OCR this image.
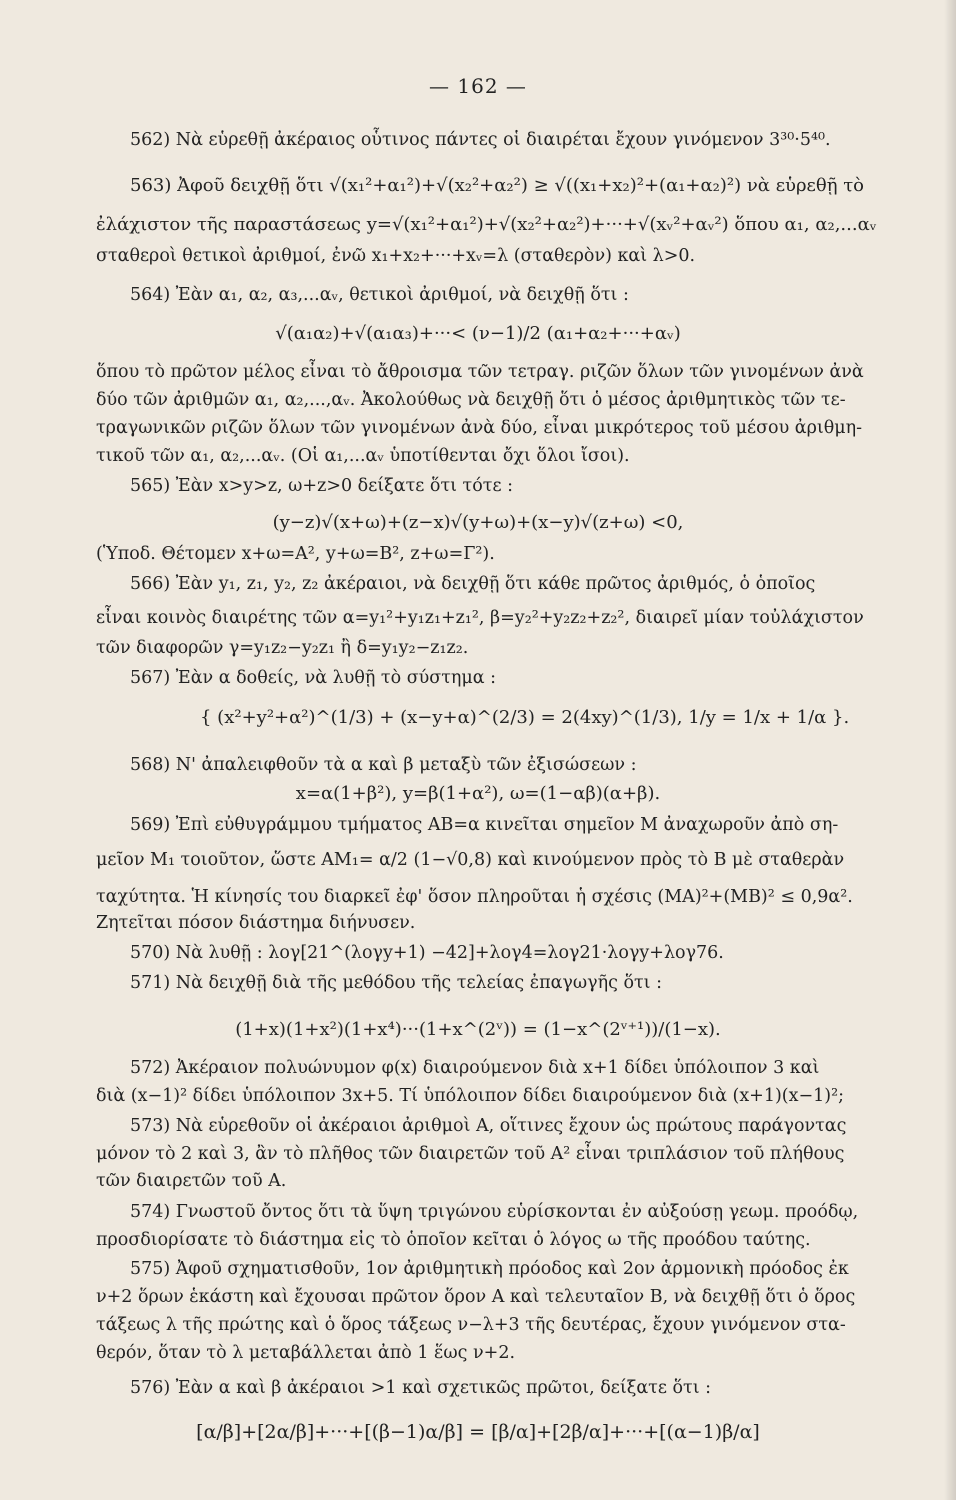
— 162 —
562) Νὰ εὑρεθῇ ἀκέραιος οὗτινος πάντες οἱ διαιρέται ἔχουν γινόμενον 3³⁰·5⁴⁰.
563) Ἀφοῦ δειχθῇ ὅτι √(x₁²+α₁²)+√(x₂²+α₂²) ≥ √((x₁+x₂)²+(α₁+α₂)²) νὰ εὑρεθῇ τὸ
ἐλάχιστον τῆς παραστάσεως y=√(x₁²+α₁²)+√(x₂²+α₂²)+···+√(xᵥ²+αᵥ²) ὅπου α₁, α₂,...αᵥ
σταθεροὶ θετικοὶ ἀριθμοί, ἐνῶ x₁+x₂+···+xᵥ=λ (σταθερὸν) καὶ λ>0.
564) Ἐὰν α₁, α₂, α₃,...αᵥ, θετικοὶ ἀριθμοί, νὰ δειχθῇ ὅτι :
√(α₁α₂)+√(α₁α₃)+···< (ν−1)/2 (α₁+α₂+···+αᵥ)
ὅπου τὸ πρῶτον μέλος εἶναι τὸ ἄθροισμα τῶν τετραγ. ριζῶν ὅλων τῶν γινομένων ἀνὰ
δύο τῶν ἀριθμῶν α₁, α₂,...,αᵥ. Ἀκολούθως νὰ δειχθῇ ὅτι ὁ μέσος ἀριθμητικὸς τῶν τε-
τραγωνικῶν ριζῶν ὅλων τῶν γινομένων ἀνὰ δύο, εἶναι μικρότερος τοῦ μέσου ἀριθμη-
τικοῦ τῶν α₁, α₂,...αᵥ. (Οἱ α₁,...αᵥ ὑποτίθενται ὄχι ὅλοι ἴσοι).
565) Ἐὰν x>y>z, ω+z>0 δείξατε ὅτι τότε :
(y−z)√(x+ω)+(z−x)√(y+ω)+(x−y)√(z+ω) <0,
(Ὑποδ. Θέτομεν x+ω=A², y+ω=B², z+ω=Γ²).
566) Ἐὰν y₁, z₁, y₂, z₂ ἀκέραιοι, νὰ δειχθῇ ὅτι κάθε πρῶτος ἀριθμός, ὁ ὁποῖος
εἶναι κοινὸς διαιρέτης τῶν α=y₁²+y₁z₁+z₁², β=y₂²+y₂z₂+z₂², διαιρεῖ μίαν τοὐλάχιστον
τῶν διαφορῶν γ=y₁z₂−y₂z₁ ἢ δ=y₁y₂−z₁z₂.
567) Ἐὰν α δοθείς, νὰ λυθῇ τὸ σύστημα :
{ (x²+y²+α²)^(1/3) + (x−y+α)^(2/3) = 2(4xy)^(1/3), 1/y = 1/x + 1/α }.
568) Ν' ἀπαλειφθοῦν τὰ α καὶ β μεταξὺ τῶν ἐξισώσεων :
x=α(1+β²), y=β(1+α²), ω=(1−αβ)(α+β).
569) Ἐπὶ εὐθυγράμμου τμήματος ΑΒ=α κινεῖται σημεῖον Μ ἀναχωροῦν ἀπὸ ση-
μεῖον Μ₁ τοιοῦτον, ὥστε ΑΜ₁= α/2 (1−√0,8) καὶ κινούμενον πρὸς τὸ Β μὲ σταθερὰν
ταχύτητα. Ἡ κίνησίς του διαρκεῖ ἐφ' ὅσον πληροῦται ἡ σχέσις (ΜΑ)²+(ΜΒ)² ≤ 0,9α².
Ζητεῖται πόσον διάστημα διήνυσεν.
570) Νὰ λυθῇ : λογ[21^(λογy+1) −42]+λογ4=λογ21·λογy+λογ76.
571) Νὰ δειχθῇ διὰ τῆς μεθόδου τῆς τελείας ἐπαγωγῆς ὅτι :
(1+x)(1+x²)(1+x⁴)···(1+x^(2ᵛ)) = (1−x^(2ᵛ⁺¹))/(1−x).
572) Ἀκέραιον πολυώνυμον φ(x) διαιρούμενον διὰ x+1 δίδει ὑπόλοιπον 3 καὶ
διὰ (x−1)² δίδει ὑπόλοιπον 3x+5. Τί ὑπόλοιπον δίδει διαιρούμενον διὰ (x+1)(x−1)²;
573) Νὰ εὑρεθοῦν οἱ ἀκέραιοι ἀριθμοὶ Α, οἵτινες ἔχουν ὡς πρώτους παράγοντας
μόνον τὸ 2 καὶ 3, ἂν τὸ πλῆθος τῶν διαιρετῶν τοῦ Α² εἶναι τριπλάσιον τοῦ πλήθους
τῶν διαιρετῶν τοῦ Α.
574) Γνωστοῦ ὄντος ὅτι τὰ ὕψη τριγώνου εὑρίσκονται ἐν αὐξούσῃ γεωμ. προόδῳ,
προσδιορίσατε τὸ διάστημα εἰς τὸ ὁποῖον κεῖται ὁ λόγος ω τῆς προόδου ταύτης.
575) Ἀφοῦ σχηματισθοῦν, 1ον ἀριθμητικὴ πρόοδος καὶ 2ον ἁρμονικὴ πρόοδος ἐκ
ν+2 ὅρων ἑκάστη καὶ ἔχουσαι πρῶτον ὅρον Α καὶ τελευταῖον Β, νὰ δειχθῇ ὅτι ὁ ὅρος
τάξεως λ τῆς πρώτης καὶ ὁ ὅρος τάξεως ν−λ+3 τῆς δευτέρας, ἔχουν γινόμενον στα-
θερόν, ὅταν τὸ λ μεταβάλλεται ἀπὸ 1 ἕως ν+2.
576) Ἐὰν α καὶ β ἀκέραιοι >1 καὶ σχετικῶς πρῶτοι, δείξατε ὅτι :
[α/β]+[2α/β]+···+[(β−1)α/β] = [β/α]+[2β/α]+···+[(α−1)β/α]
